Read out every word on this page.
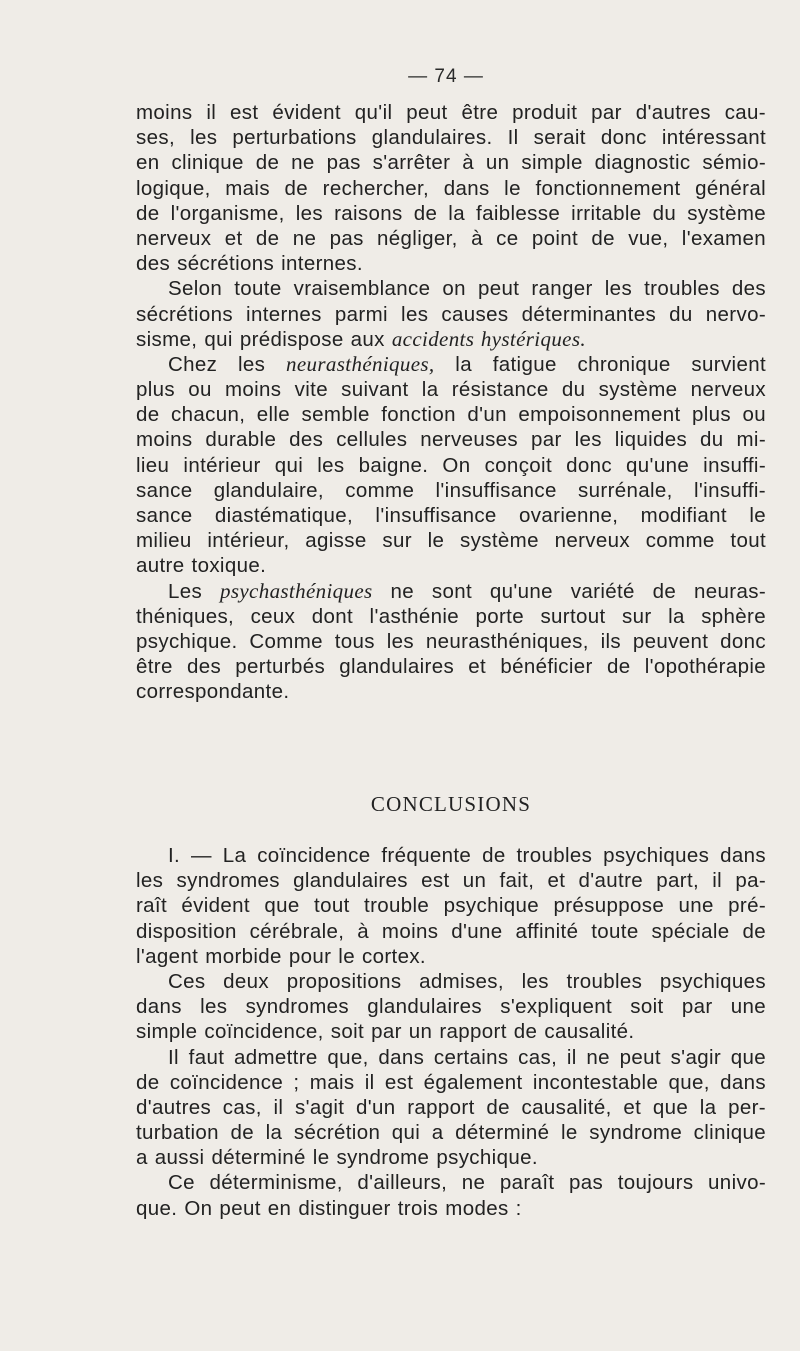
— 74 —
moins il est évident qu'il peut être produit par d'autres cau-
ses, les perturbations glandulaires. Il serait donc intéressant
en clinique de ne pas s'arrêter à un simple diagnostic sémio-
logique, mais de rechercher, dans le fonctionnement général
de l'organisme, les raisons de la faiblesse irritable du système
nerveux et de ne pas négliger, à ce point de vue, l'examen
des sécrétions internes.
Selon toute vraisemblance on peut ranger les troubles des
sécrétions internes parmi les causes déterminantes du nervo-
sisme, qui prédispose aux accidents hystériques.
Chez les neurasthéniques, la fatigue chronique survient
plus ou moins vite suivant la résistance du système nerveux
de chacun, elle semble fonction d'un empoisonnement plus ou
moins durable des cellules nerveuses par les liquides du mi-
lieu intérieur qui les baigne. On conçoit donc qu'une insuffi-
sance glandulaire, comme l'insuffisance surrénale, l'insuffi-
sance diastématique, l'insuffisance ovarienne, modifiant le
milieu intérieur, agisse sur le système nerveux comme tout
autre toxique.
Les psychasthéniques ne sont qu'une variété de neuras-
théniques, ceux dont l'asthénie porte surtout sur la sphère
psychique. Comme tous les neurasthéniques, ils peuvent donc
être des perturbés glandulaires et bénéficier de l'opothérapie
correspondante.
CONCLUSIONS
I. — La coïncidence fréquente de troubles psychiques dans
les syndromes glandulaires est un fait, et d'autre part, il pa-
raît évident que tout trouble psychique présuppose une pré-
disposition cérébrale, à moins d'une affinité toute spéciale de
l'agent morbide pour le cortex.
Ces deux propositions admises, les troubles psychiques
dans les syndromes glandulaires s'expliquent soit par une
simple coïncidence, soit par un rapport de causalité.
Il faut admettre que, dans certains cas, il ne peut s'agir que
de coïncidence ; mais il est également incontestable que, dans
d'autres cas, il s'agit d'un rapport de causalité, et que la per-
turbation de la sécrétion qui a déterminé le syndrome clinique
a aussi déterminé le syndrome psychique.
Ce déterminisme, d'ailleurs, ne paraît pas toujours univo-
que. On peut en distinguer trois modes :
